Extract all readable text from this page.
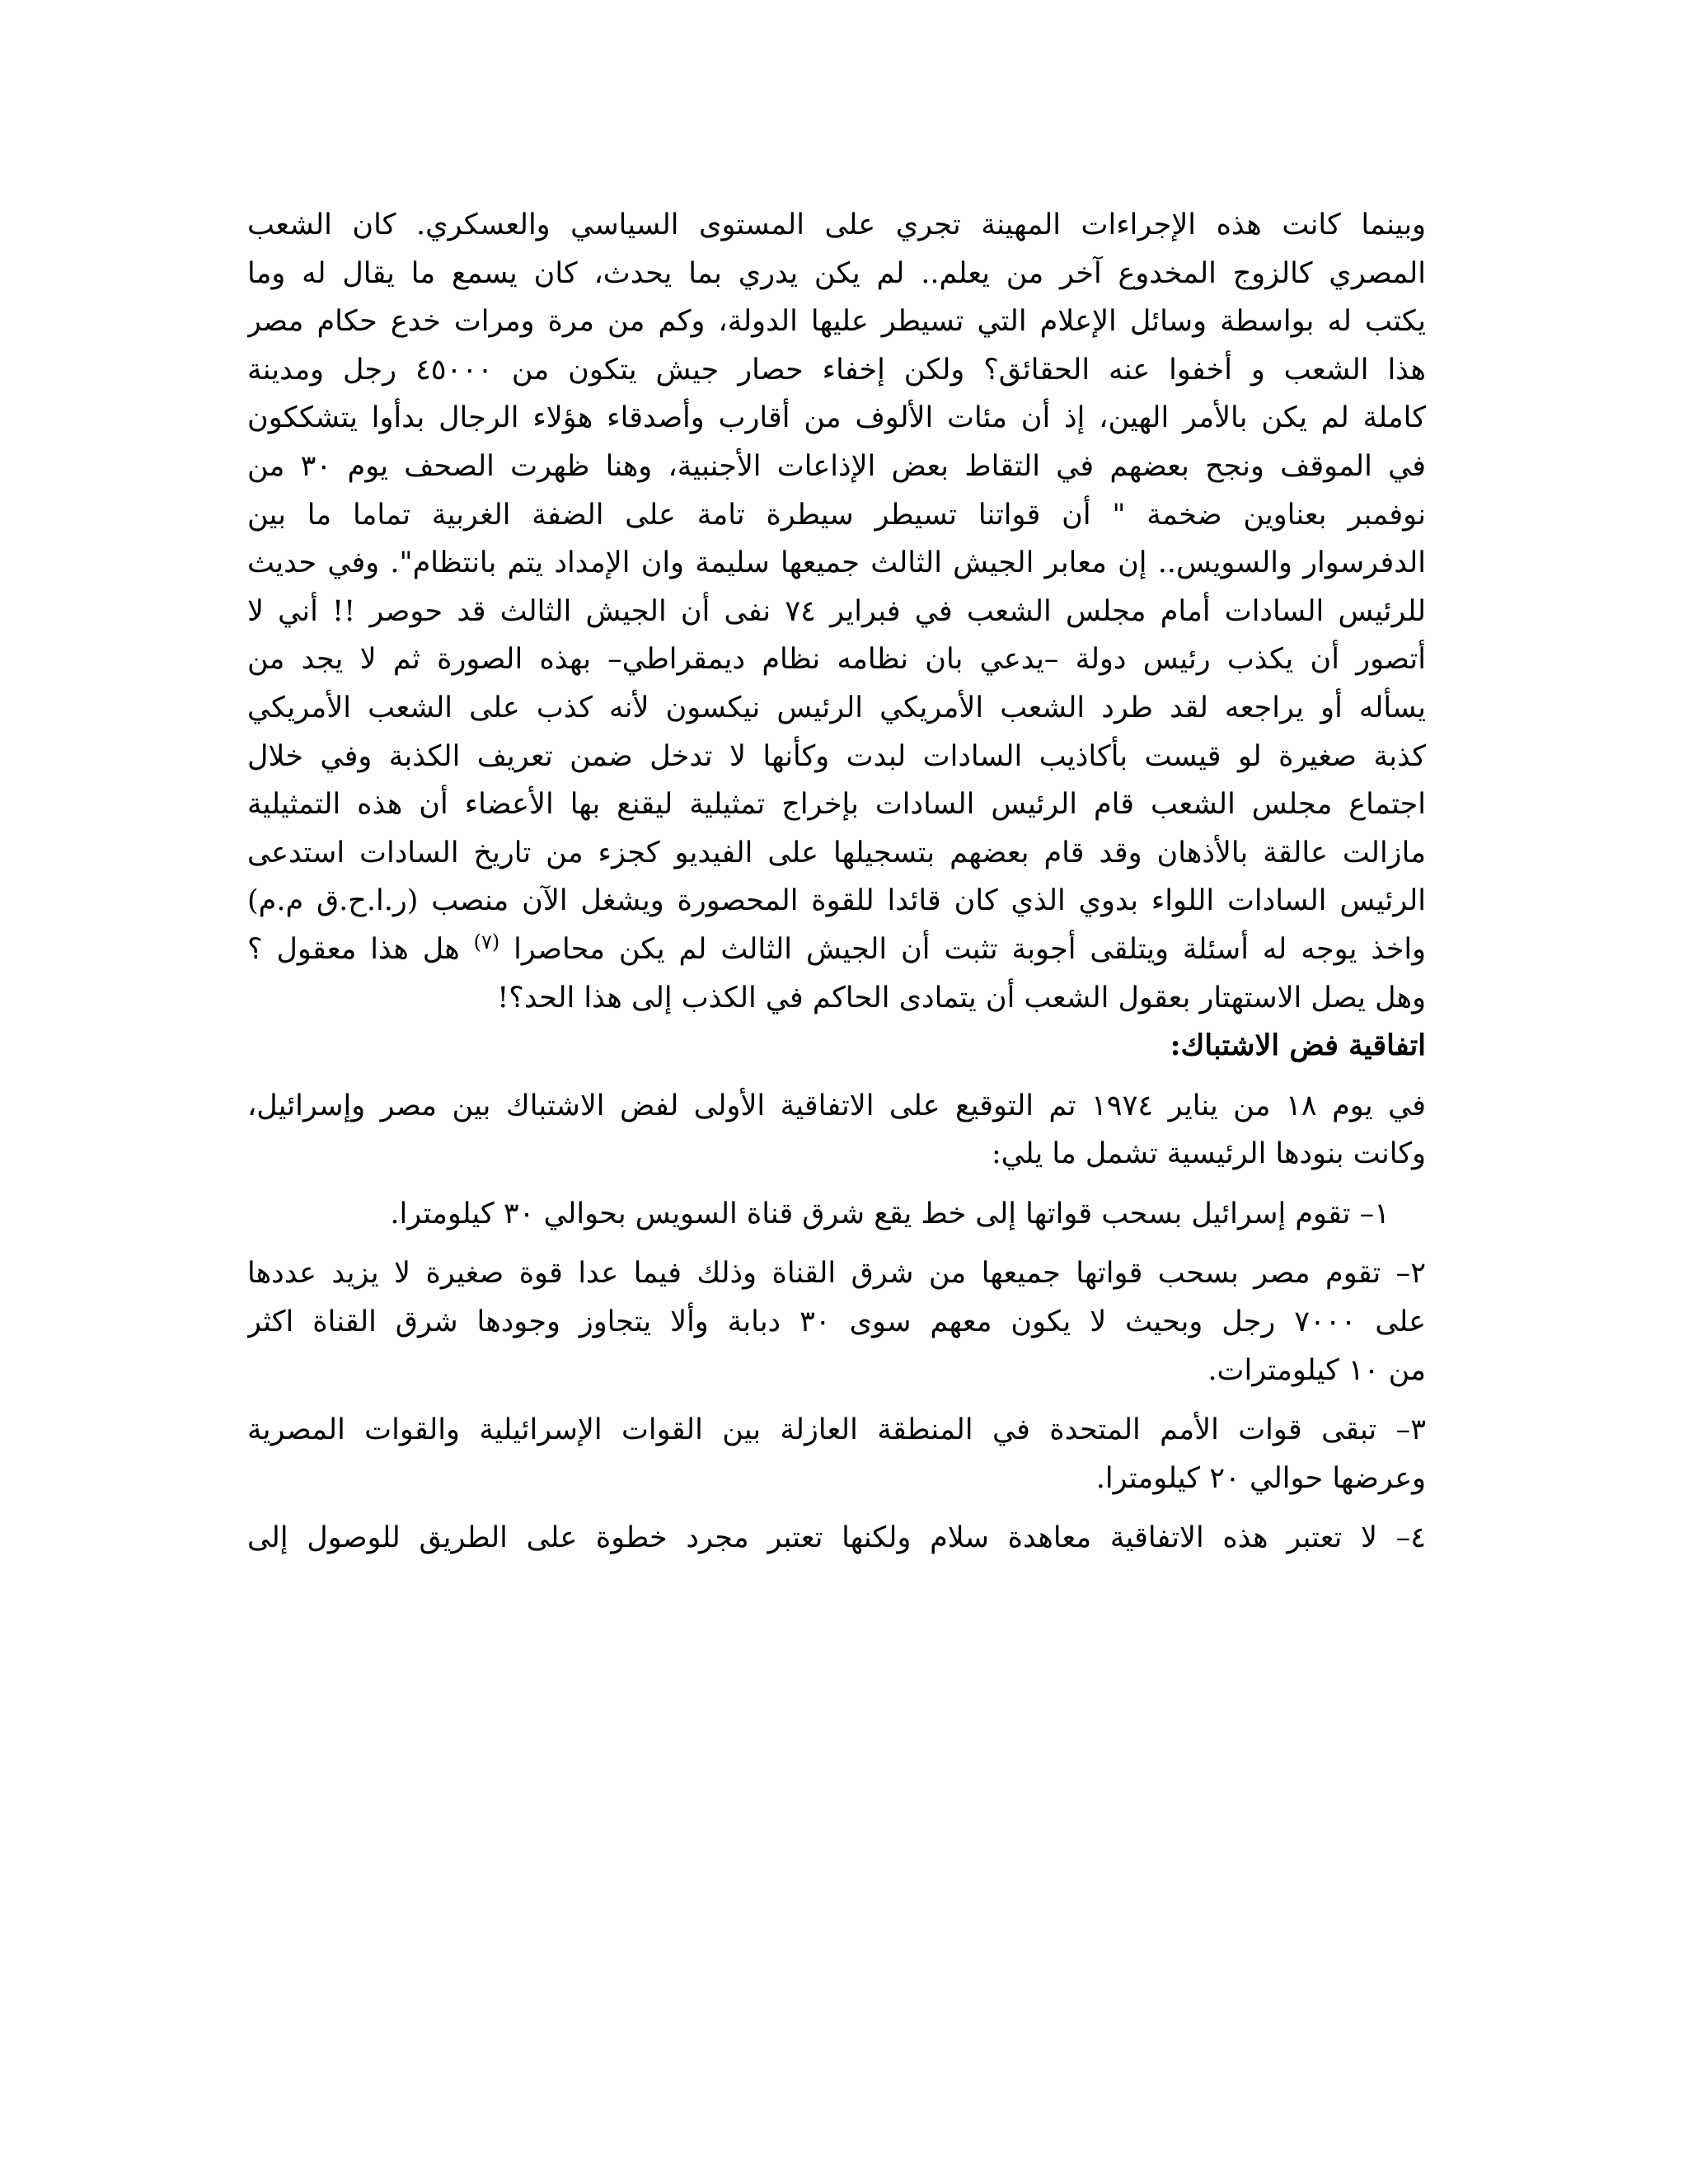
وبينما كانت هذه الإجراءات المهينة تجري على المستوى السياسي والعسكري. كان الشعب
المصري كالزوج المخدوع آخر من يعلم.. لم يكن يدري بما يحدث، كان يسمع ما يقال له وما
يكتب له بواسطة وسائل الإعلام التي تسيطر عليها الدولة، وكم من مرة ومرات خدع حكام مصر
هذا الشعب و أخفوا عنه الحقائق؟ ولكن إخفاء حصار جيش يتكون من ٤٥٠٠٠ رجل ومدينة
كاملة لم يكن بالأمر الهين، إذ أن مئات الألوف من أقارب وأصدقاء هؤلاء الرجال بدأوا يتشككون
في الموقف ونجح بعضهم في التقاط بعض الإذاعات الأجنبية، وهنا ظهرت الصحف يوم ٣٠ من
نوفمبر بعناوين ضخمة " أن قواتنا تسيطر سيطرة تامة على الضفة الغربية تماما ما بين
الدفرسوار والسويس.. إن معابر الجيش الثالث جميعها سليمة وان الإمداد يتم بانتظام". وفي حديث
للرئيس السادات أمام مجلس الشعب في فبراير ٧٤ نفى أن الجيش الثالث قد حوصر !! أني لا
أتصور أن يكذب رئيس دولة –يدعي بان نظامه نظام ديمقراطي– بهذه الصورة ثم لا يجد من
يسأله أو يراجعه لقد طرد الشعب الأمريكي الرئيس نيكسون لأنه كذب على الشعب الأمريكي
كذبة صغيرة لو قيست بأكاذيب السادات لبدت وكأنها لا تدخل ضمن تعريف الكذبة وفي خلال
اجتماع مجلس الشعب قام الرئيس السادات بإخراج تمثيلية ليقنع بها الأعضاء أن هذه التمثيلية
مازالت عالقة بالأذهان وقد قام بعضهم بتسجيلها على الفيديو كجزء من تاريخ السادات استدعى
الرئيس السادات اللواء بدوي الذي كان قائدا للقوة المحصورة ويشغل الآن منصب (ر.ا.ح.ق م.م)
واخذ يوجه له أسئلة ويتلقى أجوبة تثبت أن الجيش الثالث لم يكن محاصرا $^{(٧)}$ هل هذا معقول ؟
وهل يصل الاستهتار بعقول الشعب أن يتمادى الحاكم في الكذب إلى هذا الحد؟!
اتفاقية فض الاشتباك:
في يوم ١٨ من يناير ١٩٧٤ تم التوقيع على الاتفاقية الأولى لفض الاشتباك بين مصر وإسرائيل،
وكانت بنودها الرئيسية تشمل ما يلي:
١– تقوم إسرائيل بسحب قواتها إلى خط يقع شرق قناة السويس بحوالي ٣٠ كيلومترا.
٢– تقوم مصر بسحب قواتها جميعها من شرق القناة وذلك فيما عدا قوة صغيرة لا يزيد عددها
على ٧٠٠٠ رجل وبحيث لا يكون معهم سوى ٣٠ دبابة وألا يتجاوز وجودها شرق القناة اكثر
من ١٠ كيلومترات.
٣– تبقى قوات الأمم المتحدة في المنطقة العازلة بين القوات الإسرائيلية والقوات المصرية
وعرضها حوالي ٢٠ كيلومترا.
٤– لا تعتبر هذه الاتفاقية معاهدة سلام ولكنها تعتبر مجرد خطوة على الطريق للوصول إلى
